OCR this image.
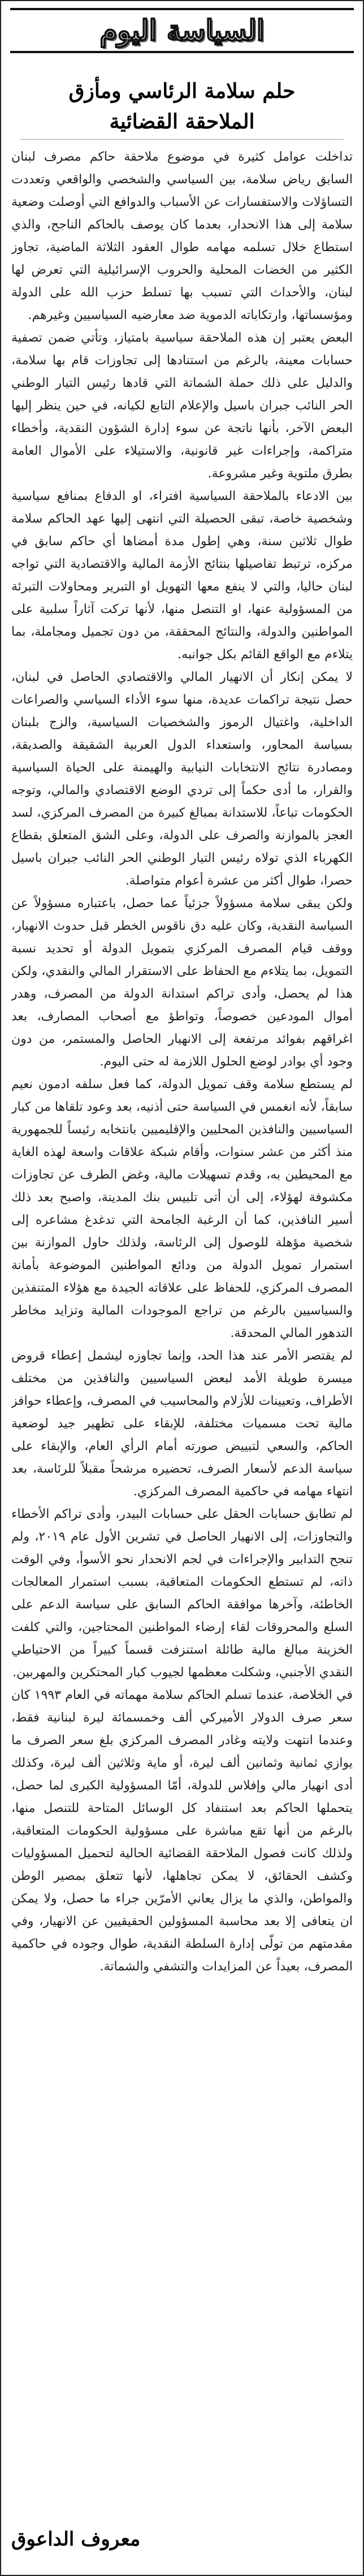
السياسة اليوم
حلم سلامة الرئاسي ومأزق
الملاحقة القضائية

تداخلت عوامل كثيرة في موضوع ملاحقة حاكم مصرف لبنان السابق رياض سلامة، بين السياسي والشخصي والواقعي وتعددت التساؤلات والاستفسارات عن الأسباب والدوافع التي أوصلت وضعية سلامة إلى هذا الانحدار، بعدما كان يوصف بالحاكم الناجح، والذي استطاع خلال تسلمه مهامه طوال العقود الثلاثة الماضية، تجاوز الكثير من الخضات المحلية والحروب الإسرائيلية التي تعرض لها لبنان، والأحداث التي تسبب بها تسلط حزب الله على الدولة ومؤسساتها، وارتكاباته الدموية ضد معارضيه السياسيين وغيرهم.

البعض يعتبر إن هذه الملاحقة سياسية بامتياز، وتأتي ضمن تصفية حسابات معينة، بالرغم من استنادها إلى تجاوزات قام بها سلامة، والدليل على ذلك حملة الشماتة التي قادها رئيس التيار الوطني الحر النائب جبران باسيل والإعلام التابع لكيانه، في حين ينظر إليها البعض الآخر، بأنها ناتجة عن سوء إدارة الشؤون النقدية، وأخطاء متراكمة، وإجراءات غير قانونية، والاستيلاء على الأموال العامة بطرق ملتوية وغير مشروعة.

بين الادعاء بالملاحقة السياسية افتراء، او الدفاع بمنافع سياسية وشخصية خاصة، تبقى الحصيلة التي انتهى إليها عهد الحاكم سلامة طوال ثلاثين سنة، وهي إطول مدة أمضاها أي حاكم سابق في مركزه، ترتبط تفاصيلها بنتائج الأزمة المالية والاقتصادية التي تواجه لبنان حاليا، والتي لا ينفع معها التهويل او التبرير ومحاولات التبرئة من المسؤولية عنها، او التنصل منها، لأنها تركت آثاراً سلبية على المواطنين والدولة، والنتائج المحققة، من دون تجميل ومجاملة، بما يتلاءم مع الواقع القائم بكل جوانبه.

لا يمكن إنكار أن الانهيار المالي والاقتصادي الحاصل في لبنان، حصل نتيجة تراكمات عديدة، منها سوء الأداء السياسي والصراعات الداخلية، واغتيال الرموز والشخصيات السياسية، والزج بلبنان بسياسة المحاور، واستعداء الدول العربية الشقيقة والصديقة، ومصادرة نتائج الانتخابات النيابية والهيمنة على الحياة السياسية والقرار، ما أدى حكماً إلى تردي الوضع الاقتصادي والمالي، وتوجه الحكومات تباعاً، للاستدانة بمبالغ كبيرة من المصرف المركزي، لسد العجز بالموازنة والصرف على الدولة، وعلى الشق المتعلق بقطاع الكهرباء الذي تولاه رئيس التيار الوطني الحر النائب جبران باسيل حصرا، طوال أكثر من عشرة أعوام متواصلة.

ولكن يبقى سلامة مسؤولاً جزئياً عما حصل، باعتباره مسؤولاً عن السياسة النقدية، وكان عليه دق ناقوس الخطر قبل حدوث الانهيار، ووقف قيام المصرف المركزي بتمويل الدولة أو تحديد نسبة التمويل، بما يتلاءم مع الحفاظ على الاستقرار المالي والنقدي، ولكن هذا لم يحصل، وأدى تراكم استدانة الدولة من المصرف، وهدر أموال المودعين خصوصاً، وتواطؤ مع أصحاب المصارف، بعد اغراقهم بفوائد مرتفعة إلى الانهيار الحاصل والمستمر، من دون وجود أي بوادر لوضع الحلول اللازمة له حتى اليوم.

لم يستطع سلامة وقف تمويل الدولة، كما فعل سلفه ادمون نعيم سابقاً، لأنه انغمس في السياسة حتى أذنيه، بعد وعود تلقاها من كبار السياسيين والنافذين المحليين والإقليميين بانتخابه رئيساً للجمهورية منذ أكثر من عشر سنوات، وأقام شبكة علاقات واسعة لهذه الغاية مع المحيطين به، وقدم تسهيلات مالية، وغض الطرف عن تجاوزات مكشوفة لهؤلاء، إلى أن أتى تلبيس بنك المدينة، واصبح بعد ذلك أسير النافذين، كما أن الرغبة الجامحة التي تدغدغ مشاعره إلى شخصية مؤهلة للوصول إلى الرئاسة، ولذلك حاول الموازنة بين استمرار تمويل الدولة من ودائع المواطنين الموضوعة بأمانة المصرف المركزي، للحفاظ على علاقاته الجيدة مع هؤلاء المتنفذين والسياسيين بالرغم من تراجع الموجودات المالية وتزايد مخاطر التدهور المالي المحدقة.

لم يقتصر الأمر عند هذا الحد، وإنما تجاوزه ليشمل إعطاء قروض ميسرة طويلة الأمد لبعض السياسيين والنافذين من مختلف الأطراف، وتعيينات للأزلام والمحاسيب في المصرف، وإعطاء حوافز مالية تحت مسميات مختلفة، للإبقاء على تظهير جيد لوضعية الحاكم، والسعي لتبييض صورته أمام الرأي العام، والإبقاء على سياسة الدعم لأسعار الصرف، تحضيره مرشحاً مقبلاً للرئاسة، بعد انتهاء مهامه في حاكمية المصرف المركزي.

لم تطابق حسابات الحقل على حسابات البيدر، وأدى تراكم الأخطاء والتجاوزات، إلى الانهيار الحاصل في تشرين الأول عام ٢٠١٩، ولم تنجح التدابير والإجراءات في لجم الانحدار نحو الأسوأ، وفي الوقت ذاته، لم تستطع الحكومات المتعاقبة، بسبب استمرار المعالجات الخاطئة، وآخرها موافقة الحاكم السابق على سياسة الدعم على السلع والمحروقات لقاء إرضاء المواطنين المحتاجين، والتي كلفت الخزينة مبالغ مالية طائلة استنزفت قسماً كبيراً من الاحتياطي النقدي الأجنبي، وشكلت معظمها لجيوب كبار المحتكرين والمهربين.

في الخلاصة، عندما تسلم الحاكم سلامة مهماته في العام ١٩٩٣ كان سعر صرف الدولار الأميركي ألف وخمسمائة ليرة لبنانية فقط، وعندما انتهت ولايته وغادر المصرف المركزي بلغ سعر الصرف ما يوازي ثمانية وثمانين ألف ليرة، أو ماية وثلاثين ألف ليرة، وكذلك أدى انهيار مالي وإفلاس للدولة، أمّا المسؤولية الكبرى لما حصل، يتحملها الحاكم بعد استنفاد كل الوسائل المتاحة للتنصل منها، بالرغم من أنها تقع مباشرة على مسؤولية الحكومات المتعاقبة، ولذلك كانت فصول الملاحقة القضائية الحالية لتحميل المسؤوليات وكشف الحقائق، لا يمكن تجاهلها، لأنها تتعلق بمصير الوطن والمواطن، والذي ما يزال يعاني الأمرّين جراء ما حصل، ولا يمكن ان يتعافى إلا بعد محاسبة المسؤولين الحقيقيين عن الانهيار، وفي مقدمتهم من تولّى إدارة السلطة النقدية، طوال وجوده في حاكمية المصرف، بعيداً عن المزايدات والتشفي والشماتة.

معروف الداعوق
